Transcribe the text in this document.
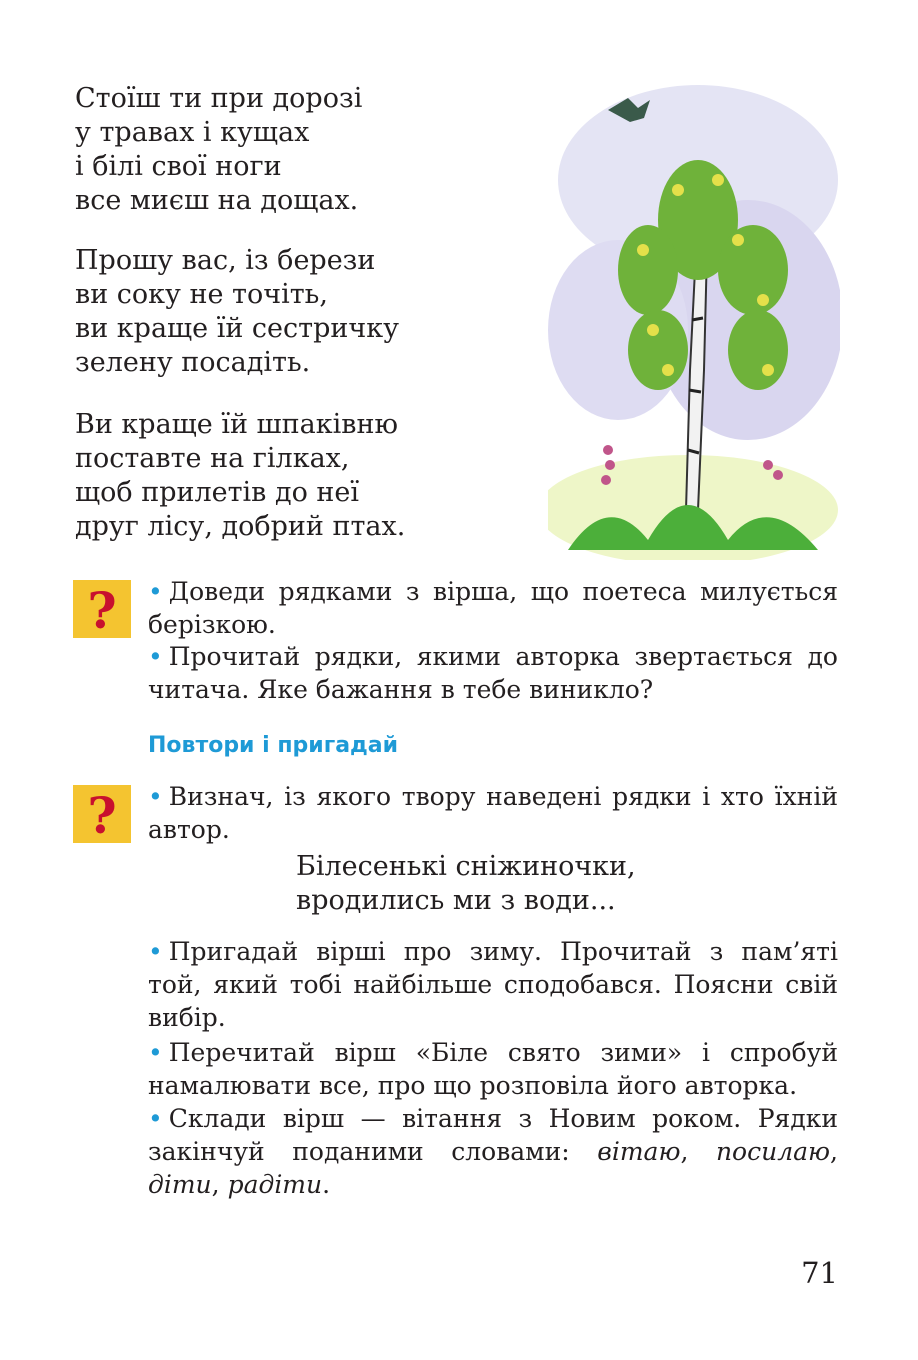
Стоїш ти при дорозі
у травах і кущах
і білі свої ноги
все миєш на дощах.
Прошу вас, із берези
ви соку не точіть,
ви краще їй сестричку
зелену посадіть.
Ви краще їй шпаківню
поставте на гілках,
щоб прилетів до неї
друг лісу, добрий птах.
?
?
• Доведи рядками з вірша, що поетеса милується берізкою.
• Прочитай рядки, якими авторка звертається до читача. Яке бажання в тебе виникло?
Повтори і пригадай
• Визнач, із якого твору наведені рядки і хто їхній автор.
Білесенькі сніжиночки,
вродились ми з води...
• Пригадай вірші про зиму. Прочитай з пам’яті той, який тобі найбільше сподобався. Поясни свій вибір.
• Перечитай вірш «Біле свято зими» і спробуй намалювати все, про що розповіла його авторка.
• Склади вірш — вітання з Новим роком. Рядки закінчуй поданими словами: вітаю, посилаю, діти, радіти.
71
